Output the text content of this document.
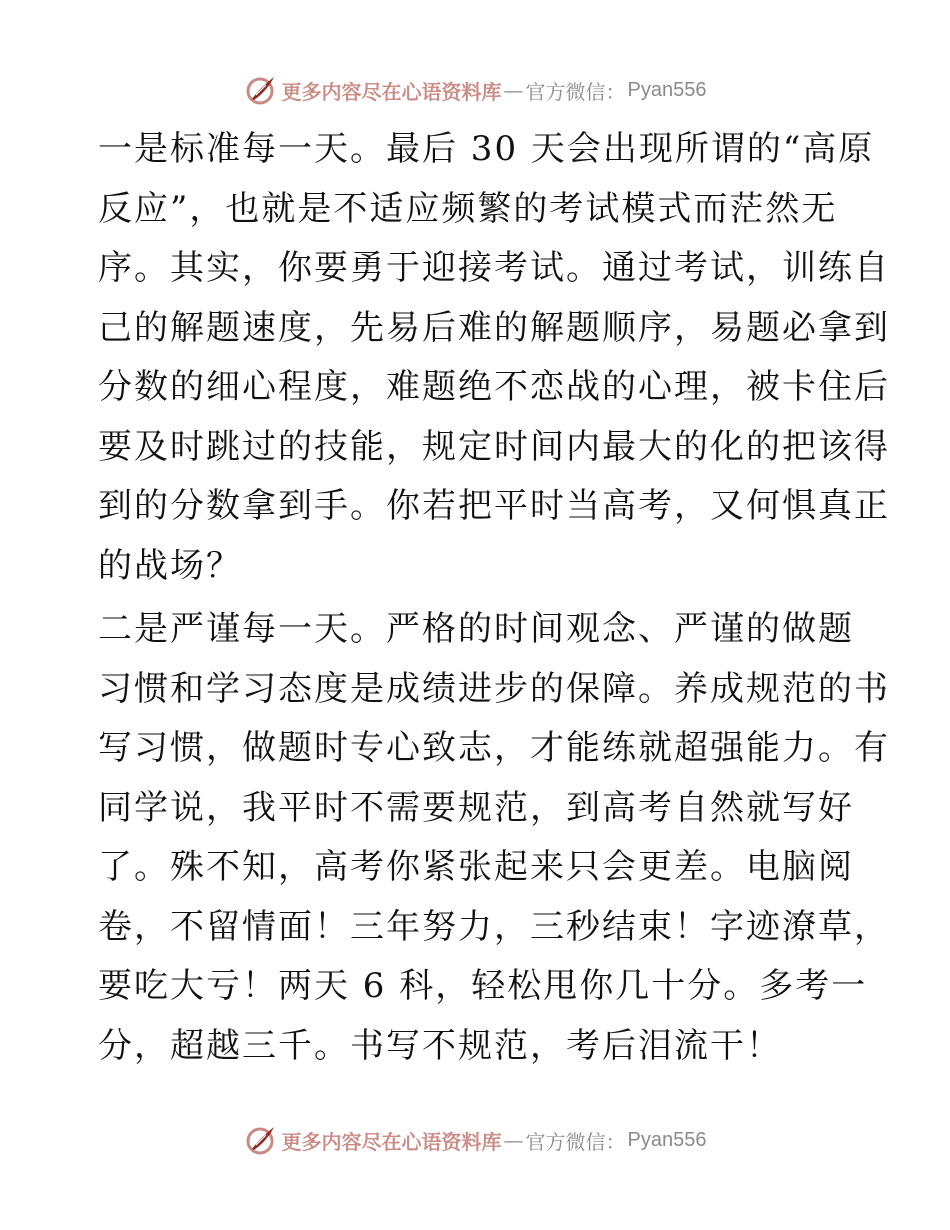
更多内容尽在心语资料库 — 官方微信： Pyan556
一是标准每一天。最后 30 天会出现所谓的“高原
反应”，也就是不适应频繁的考试模式而茫然无
序。其实，你要勇于迎接考试。通过考试，训练自
己的解题速度，先易后难的解题顺序，易题必拿到
分数的细心程度，难题绝不恋战的心理，被卡住后
要及时跳过的技能，规定时间内最大的化的把该得
到的分数拿到手。你若把平时当高考，又何惧真正
的战场？
二是严谨每一天。严格的时间观念、严谨的做题
习惯和学习态度是成绩进步的保障。养成规范的书
写习惯，做题时专心致志，才能练就超强能力。有
同学说，我平时不需要规范，到高考自然就写好
了。殊不知，高考你紧张起来只会更差。电脑阅
卷，不留情面！三年努力，三秒结束！字迹潦草，
要吃大亏！两天 6 科，轻松甩你几十分。多考一
分，超越三千。书写不规范，考后泪流干！
更多内容尽在心语资料库 — 官方微信： Pyan556
